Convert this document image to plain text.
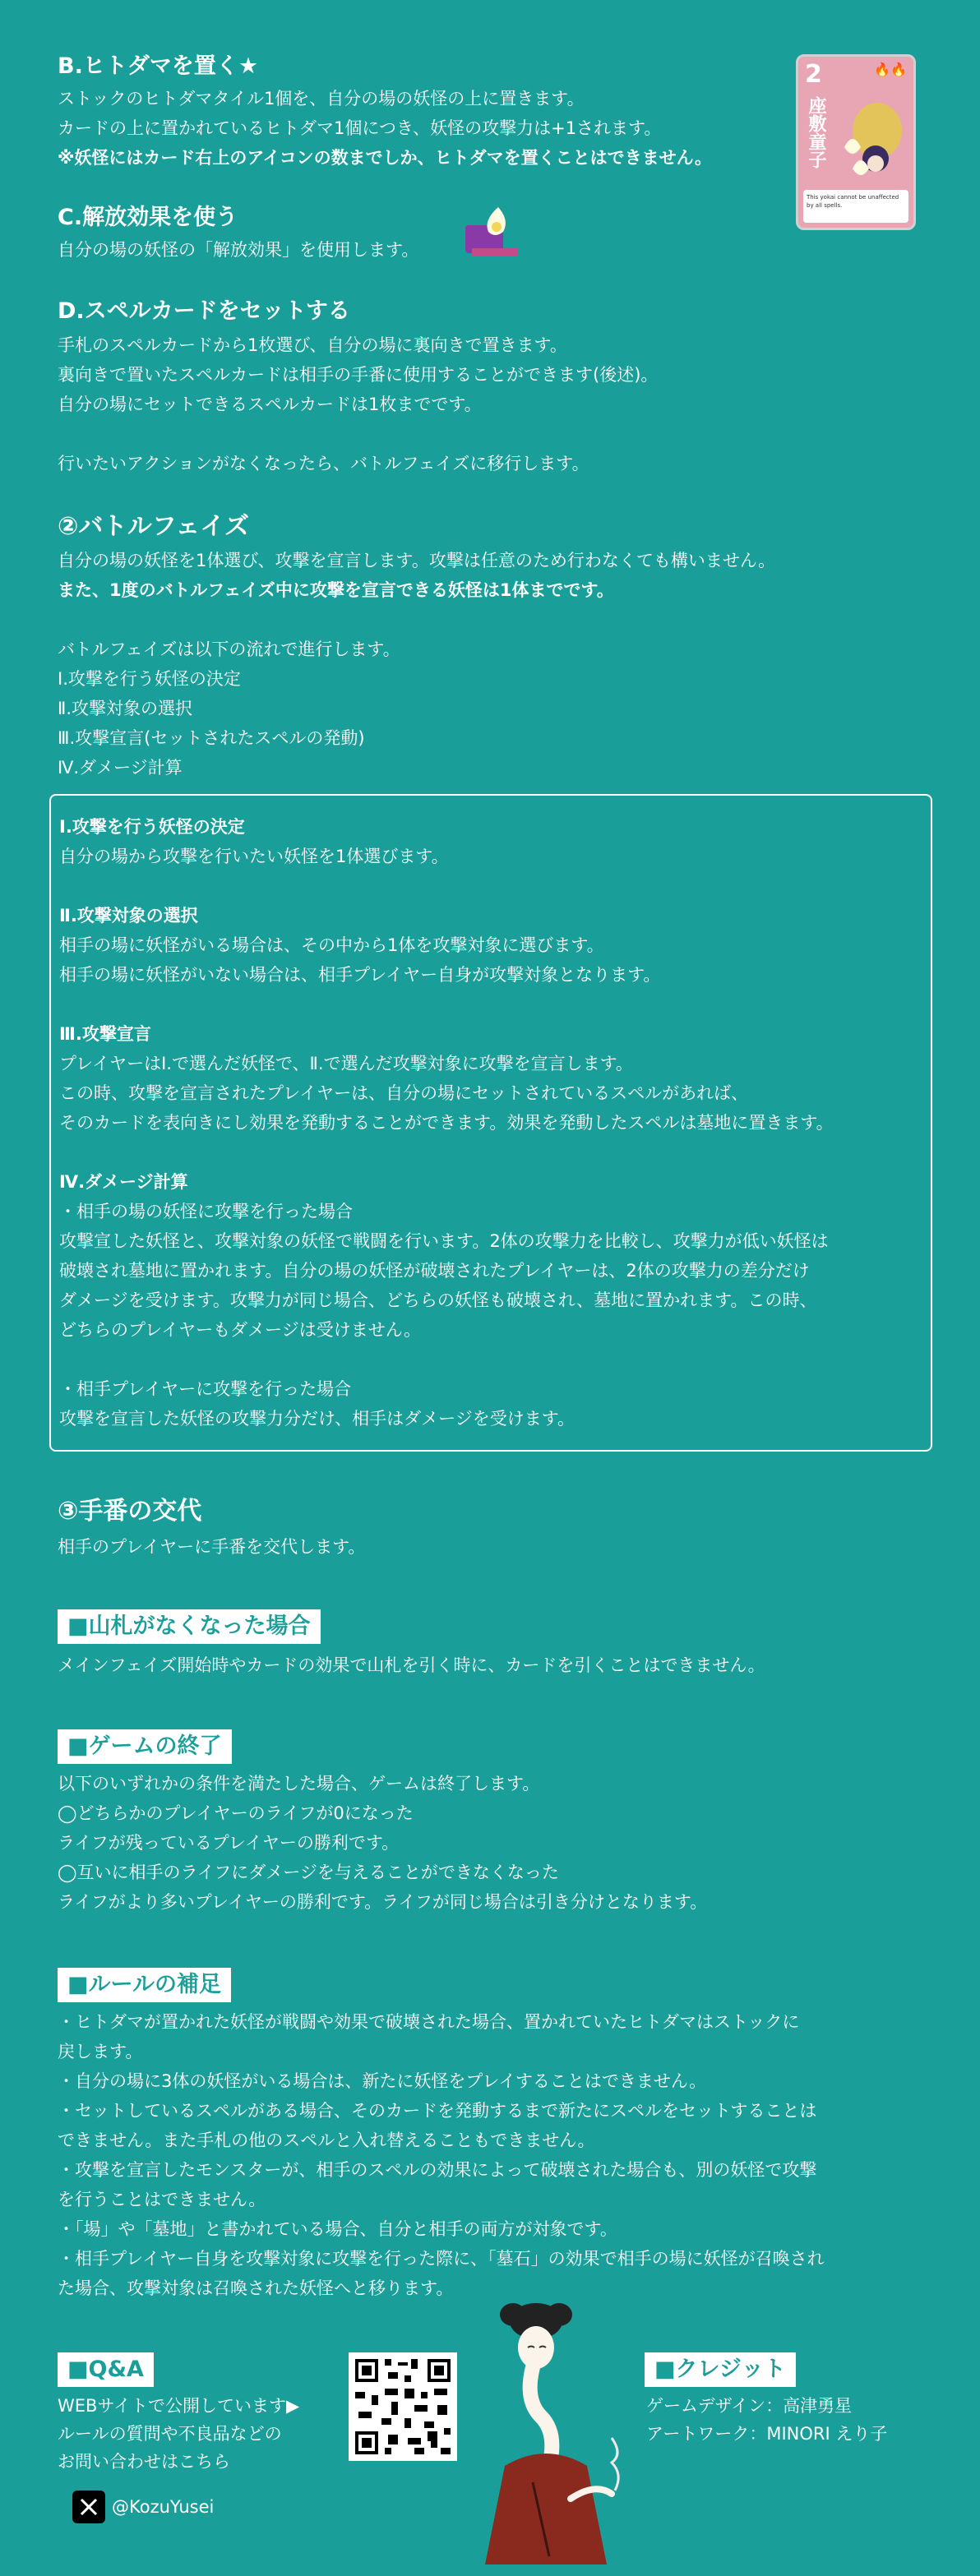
B.ヒトダマを置く★
ストックのヒトダマタイル1個を、自分の場の妖怪の上に置きます。
カードの上に置かれているヒトダマ1個につき、妖怪の攻撃力は+1されます。
※妖怪にはカード右上のアイコンの数までしか、ヒトダマを置くことはできません。
2	🔥🔥
座敷童子
This yokai cannot be unaffected by all spells.
C.解放効果を使う
自分の場の妖怪の「解放効果」を使用します。
D.スペルカードをセットする
手札のスペルカードから1枚選び、自分の場に裏向きで置きます。
裏向きで置いたスペルカードは相手の手番に使用することができます(後述)。
自分の場にセットできるスペルカードは1枚までです。
行いたいアクションがなくなったら、バトルフェイズに移行します。
②バトルフェイズ
自分の場の妖怪を1体選び、攻撃を宣言します。攻撃は任意のため行わなくても構いません。
また、1度のバトルフェイズ中に攻撃を宣言できる妖怪は1体までです。
バトルフェイズは以下の流れで進行します。
Ⅰ.攻撃を行う妖怪の決定
Ⅱ.攻撃対象の選択
Ⅲ.攻撃宣言(セットされたスペルの発動)
Ⅳ.ダメージ計算
Ⅰ.攻撃を行う妖怪の決定
自分の場から攻撃を行いたい妖怪を1体選びます。
Ⅱ.攻撃対象の選択
相手の場に妖怪がいる場合は、その中から1体を攻撃対象に選びます。
相手の場に妖怪がいない場合は、相手プレイヤー自身が攻撃対象となります。
Ⅲ.攻撃宣言
プレイヤーはⅠ.で選んだ妖怪で、Ⅱ.で選んだ攻撃対象に攻撃を宣言します。
この時、攻撃を宣言されたプレイヤーは、自分の場にセットされているスペルがあれば、
そのカードを表向きにし効果を発動することができます。効果を発動したスペルは墓地に置きます。
Ⅳ.ダメージ計算
・相手の場の妖怪に攻撃を行った場合
攻撃宣した妖怪と、攻撃対象の妖怪で戦闘を行います。2体の攻撃力を比較し、攻撃力が低い妖怪は
破壊され墓地に置かれます。自分の場の妖怪が破壊されたプレイヤーは、2体の攻撃力の差分だけ
ダメージを受けます。攻撃力が同じ場合、どちらの妖怪も破壊され、墓地に置かれます。この時、
どちらのプレイヤーもダメージは受けません。
・相手プレイヤーに攻撃を行った場合
攻撃を宣言した妖怪の攻撃力分だけ、相手はダメージを受けます。
③手番の交代
相手のプレイヤーに手番を交代します。
■山札がなくなった場合
メインフェイズ開始時やカードの効果で山札を引く時に、カードを引くことはできません。
■ゲームの終了
以下のいずれかの条件を満たした場合、ゲームは終了します。
◯どちらかのプレイヤーのライフが0になった
ライフが残っているプレイヤーの勝利です。
◯互いに相手のライフにダメージを与えることができなくなった
ライフがより多いプレイヤーの勝利です。ライフが同じ場合は引き分けとなります。
■ルールの補足
・ヒトダマが置かれた妖怪が戦闘や効果で破壊された場合、置かれていたヒトダマはストックに
戻します。
・自分の場に3体の妖怪がいる場合は、新たに妖怪をプレイすることはできません。
・セットしているスペルがある場合、そのカードを発動するまで新たにスペルをセットすることは
できません。また手札の他のスペルと入れ替えることもできません。
・攻撃を宣言したモンスターが、相手のスペルの効果によって破壊された場合も、別の妖怪で攻撃
を行うことはできません。
・「場」や「墓地」と書かれている場合、自分と相手の両方が対象です。
・相手プレイヤー自身を攻撃対象に攻撃を行った際に、「墓石」の効果で相手の場に妖怪が召喚され
た場合、攻撃対象は召喚された妖怪へと移ります。
■Q&A
WEBサイトで公開しています▶
ルールの質問や不良品などの
お問い合わせはこちら
@KozuYusei
■クレジット
ゲームデザイン：高津勇星
アートワーク：MINORI えり子
